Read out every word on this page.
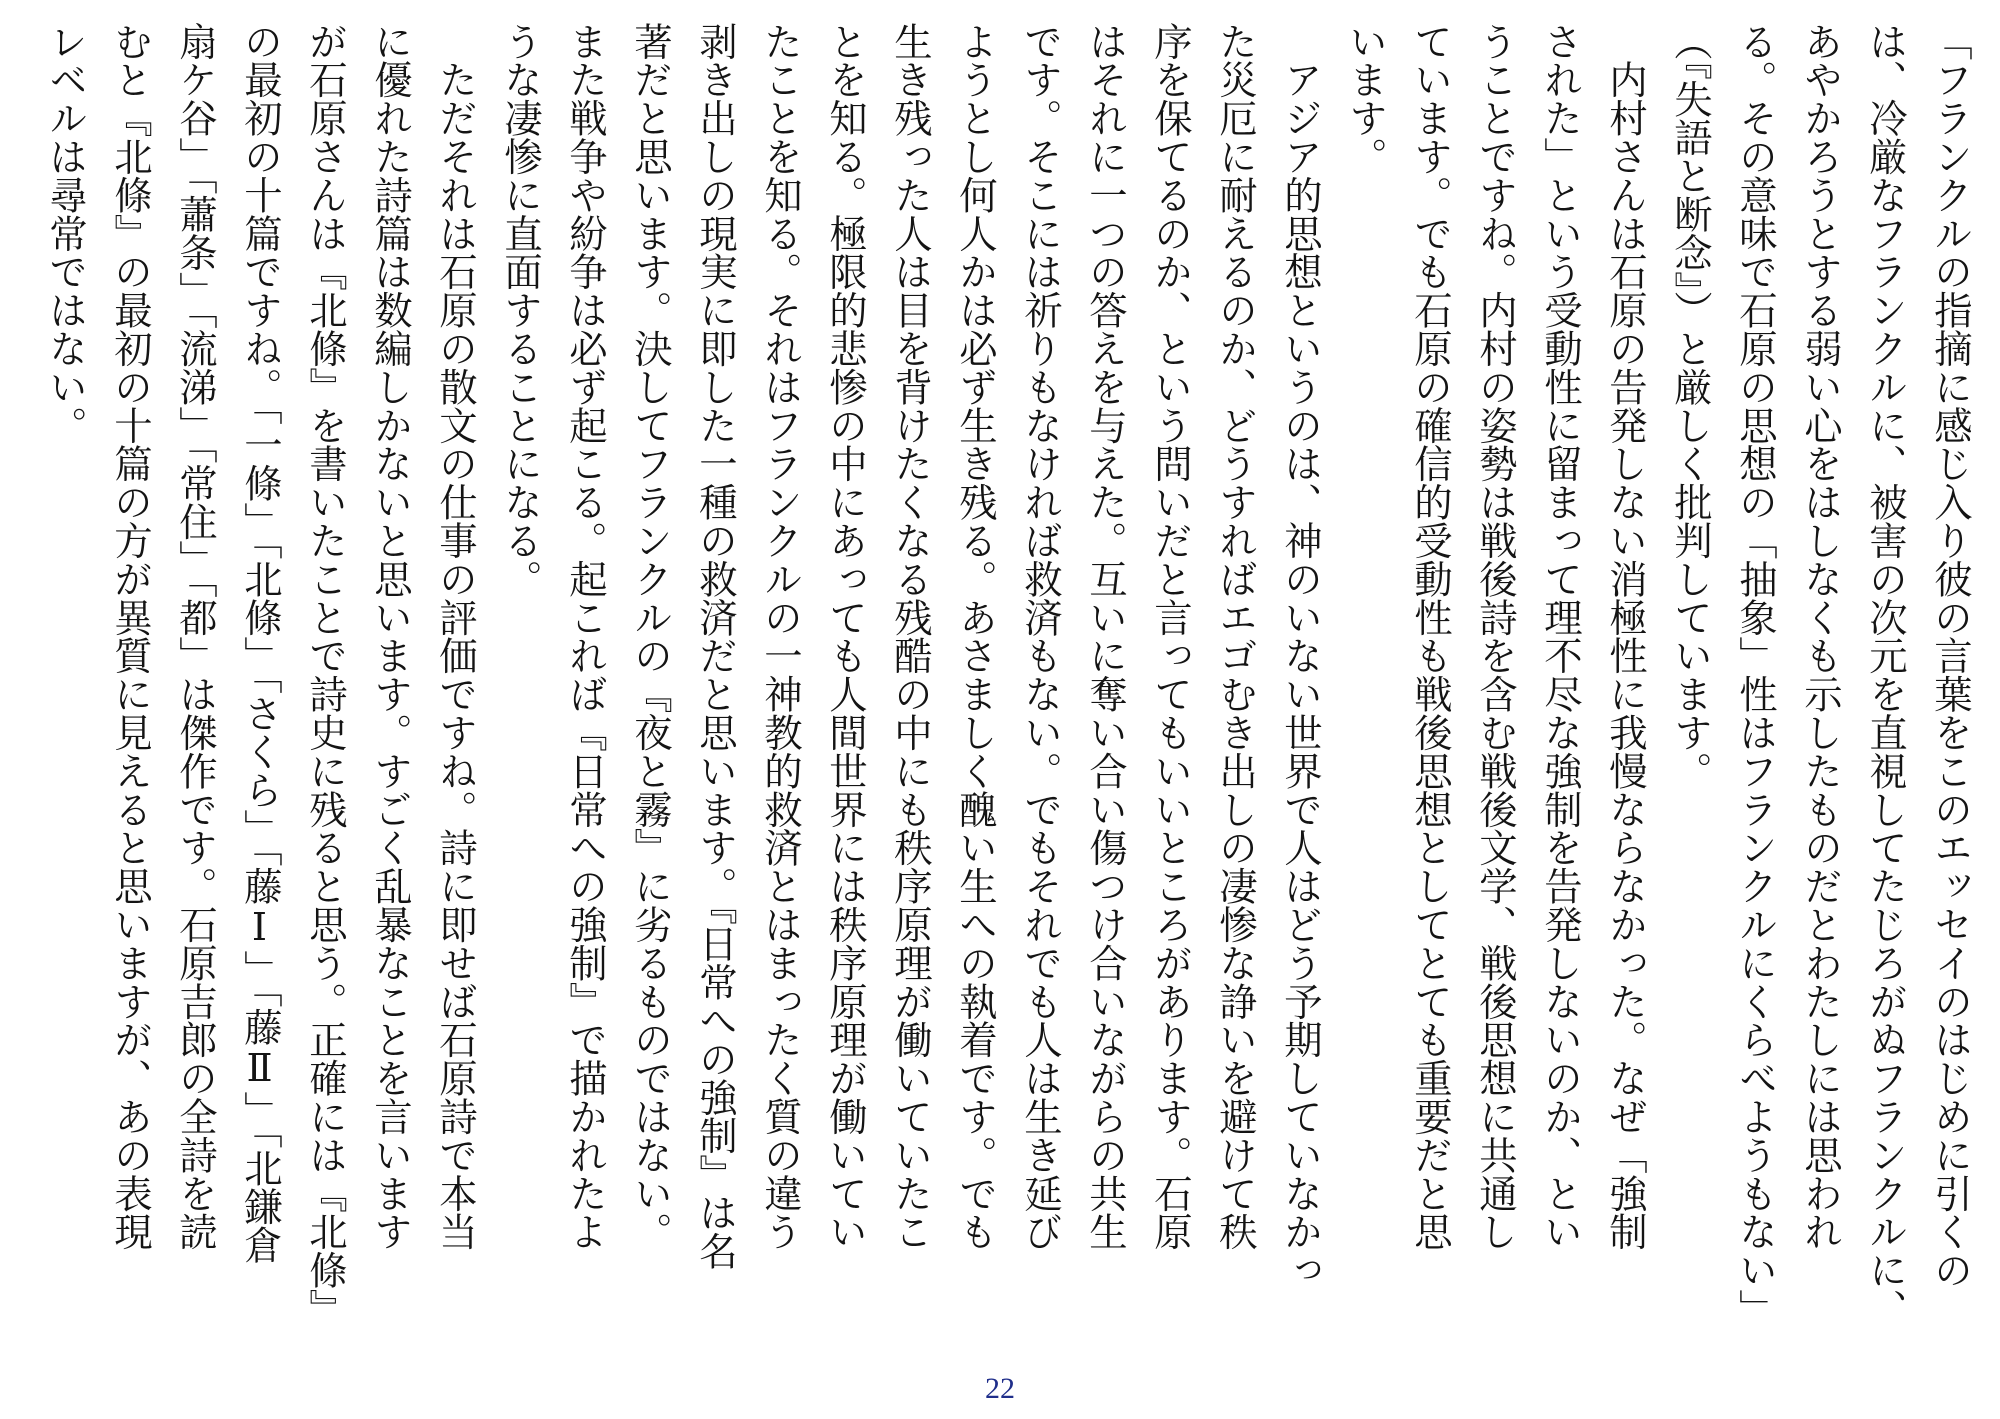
「フランクルの指摘に感じ入り彼の言葉をこのエッセイのはじめに引くの
は、冷厳なフランクルに、被害の次元を直視してたじろがぬフランクルに、
あやかろうとする弱い心をはしなくも示したものだとわたしには思われ
る。その意味で石原の思想の「抽象」性はフランクルにくらべようもない」
（『失語と断念』）と厳しく批判しています。
　内村さんは石原の告発しない消極性に我慢ならなかった。なぜ「強制
された」という受動性に留まって理不尽な強制を告発しないのか、とい
うことですね。内村の姿勢は戦後詩を含む戦後文学、戦後思想に共通し
ています。でも石原の確信的受動性も戦後思想としてとても重要だと思
います。
　アジア的思想というのは、神のいない世界で人はどう予期していなかっ
た災厄に耐えるのか、どうすればエゴむき出しの凄惨な諍いを避けて秩
序を保てるのか、という問いだと言ってもいいところがあります。石原
はそれに一つの答えを与えた。互いに奪い合い傷つけ合いながらの共生
です。そこには祈りもなければ救済もない。でもそれでも人は生き延び
ようとし何人かは必ず生き残る。あさましく醜い生への執着です。でも
生き残った人は目を背けたくなる残酷の中にも秩序原理が働いていたこ
とを知る。極限的悲惨の中にあっても人間世界には秩序原理が働いてい
たことを知る。それはフランクルの一神教的救済とはまったく質の違う
剥き出しの現実に即した一種の救済だと思います。『日常への強制』は名
著だと思います。決してフランクルの『夜と霧』に劣るものではない。
また戦争や紛争は必ず起こる。起これば『日常への強制』で描かれたよ
うな凄惨に直面することになる。
　ただそれは石原の散文の仕事の評価ですね。詩に即せば石原詩で本当
に優れた詩篇は数編しかないと思います。すごく乱暴なことを言います
が石原さんは『北條』を書いたことで詩史に残ると思う。正確には『北條』
の最初の十篇ですね。「一條」「北條」「さくら」「藤Ⅰ」「藤Ⅱ」「北鎌倉
扇ケ谷」「蕭条」「流涕」「常住」「都」は傑作です。石原吉郎の全詩を読
むと『北條』の最初の十篇の方が異質に見えると思いますが、あの表現
レベルは尋常ではない。
22
